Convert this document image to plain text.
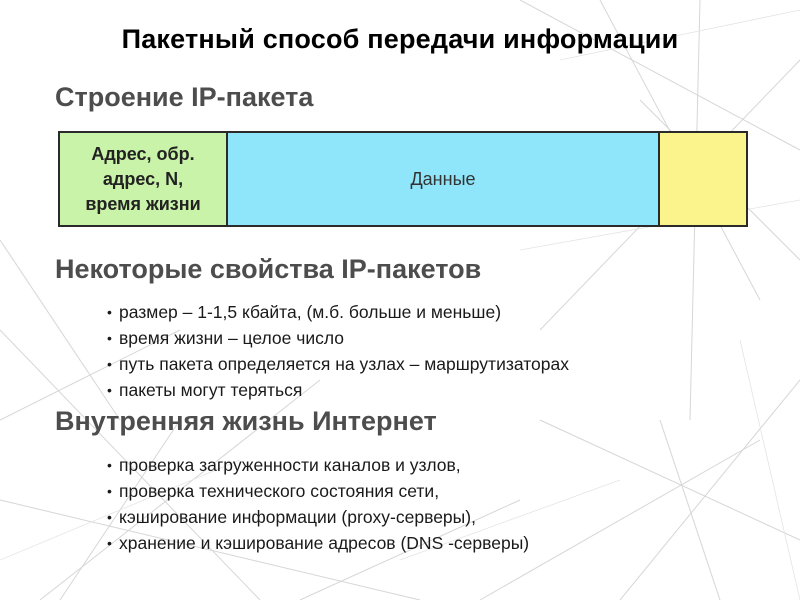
Пакетный способ передачи информации
Строение IP-пакета
Адрес, обр.
адрес, N,
время жизни
Данные
Некоторые свойства IP-пакетов
• размер – 1-1,5 кбайта, (м.б. больше и меньше)
• время жизни – целое число
• путь пакета определяется на узлах – маршрутизаторах
• пакеты могут теряться
Внутренняя жизнь Интернет
• проверка загруженности каналов и узлов,
• проверка технического состояния сети,
• кэширование информации (proxy-серверы),
• хранение и кэширование адресов (DNS -серверы)
